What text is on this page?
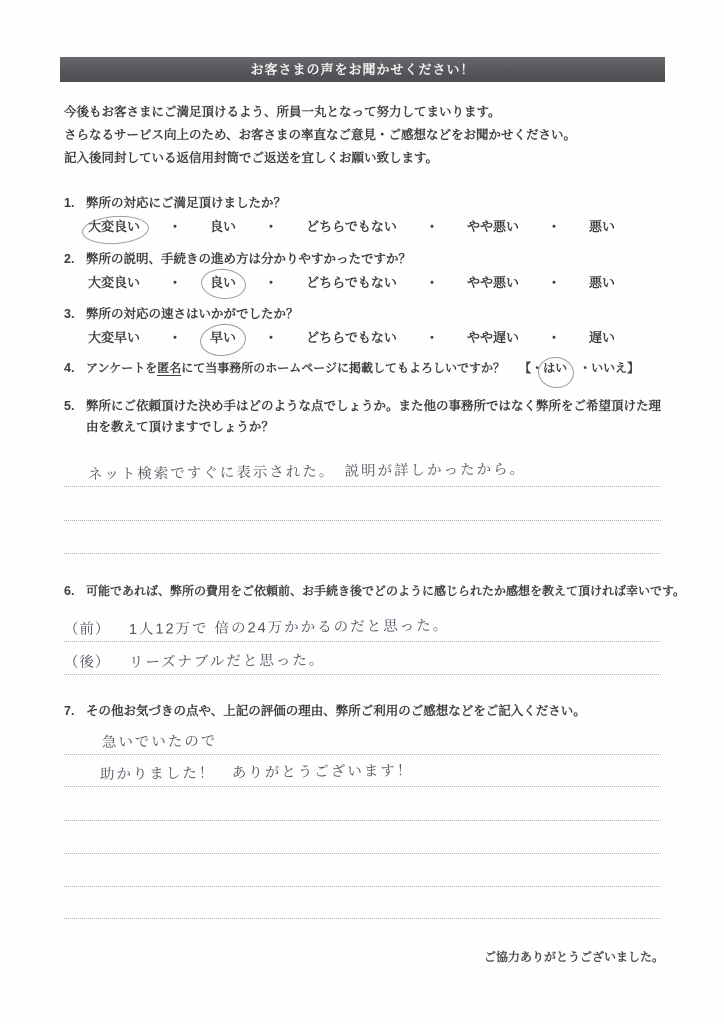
お客さまの声をお聞かせください！

今後もお客さまにご満足頂けるよう、所員一丸となって努力してまいります。

さらなるサービス向上のため、お客さまの率直なご意見・ご感想などをお聞かせください。

記入後同封している返信用封筒でご返送を宜しくお願い致します。

1. 弊所の対応にご満足頂けましたか？
大変良い ・ 良い ・ どちらでもない ・ やや悪い ・ 悪い
2. 弊所の説明、手続きの進め方は分かりやすかったですか？
大変良い ・ 良い ・ どちらでもない ・ やや悪い ・ 悪い
3. 弊所の対応の速さはいかがでしたか？
大変早い ・ 早い ・ どちらでもない ・ やや遅い ・ 遅い
4. アンケートを匿名にて当事務所のホームページに掲載してもよろしいですか？ 【・はい ・いいえ】
5. 弊所にご依頼頂けた決め手はどのような点でしょうか。また他の事務所ではなく弊所をご希望頂けた理由を教えて頂けますでしょうか？
ネット検索ですぐに表示された。　説明が詳しかったから。
6. 可能であれば、弊所の費用をご依頼前、お手続き後でどのように感じられたか感想を教えて頂ければ幸いです。
（前） 1人12万で 倍の24万かかるのだと思った。
（後） リーズナブルだと思った。
7. その他お気づきの点や、上記の評価の理由、弊所ご利用のご感想などをご記入ください。
急いでいたので
助かりました！　ありがとうございます！
ご協力ありがとうございました。
